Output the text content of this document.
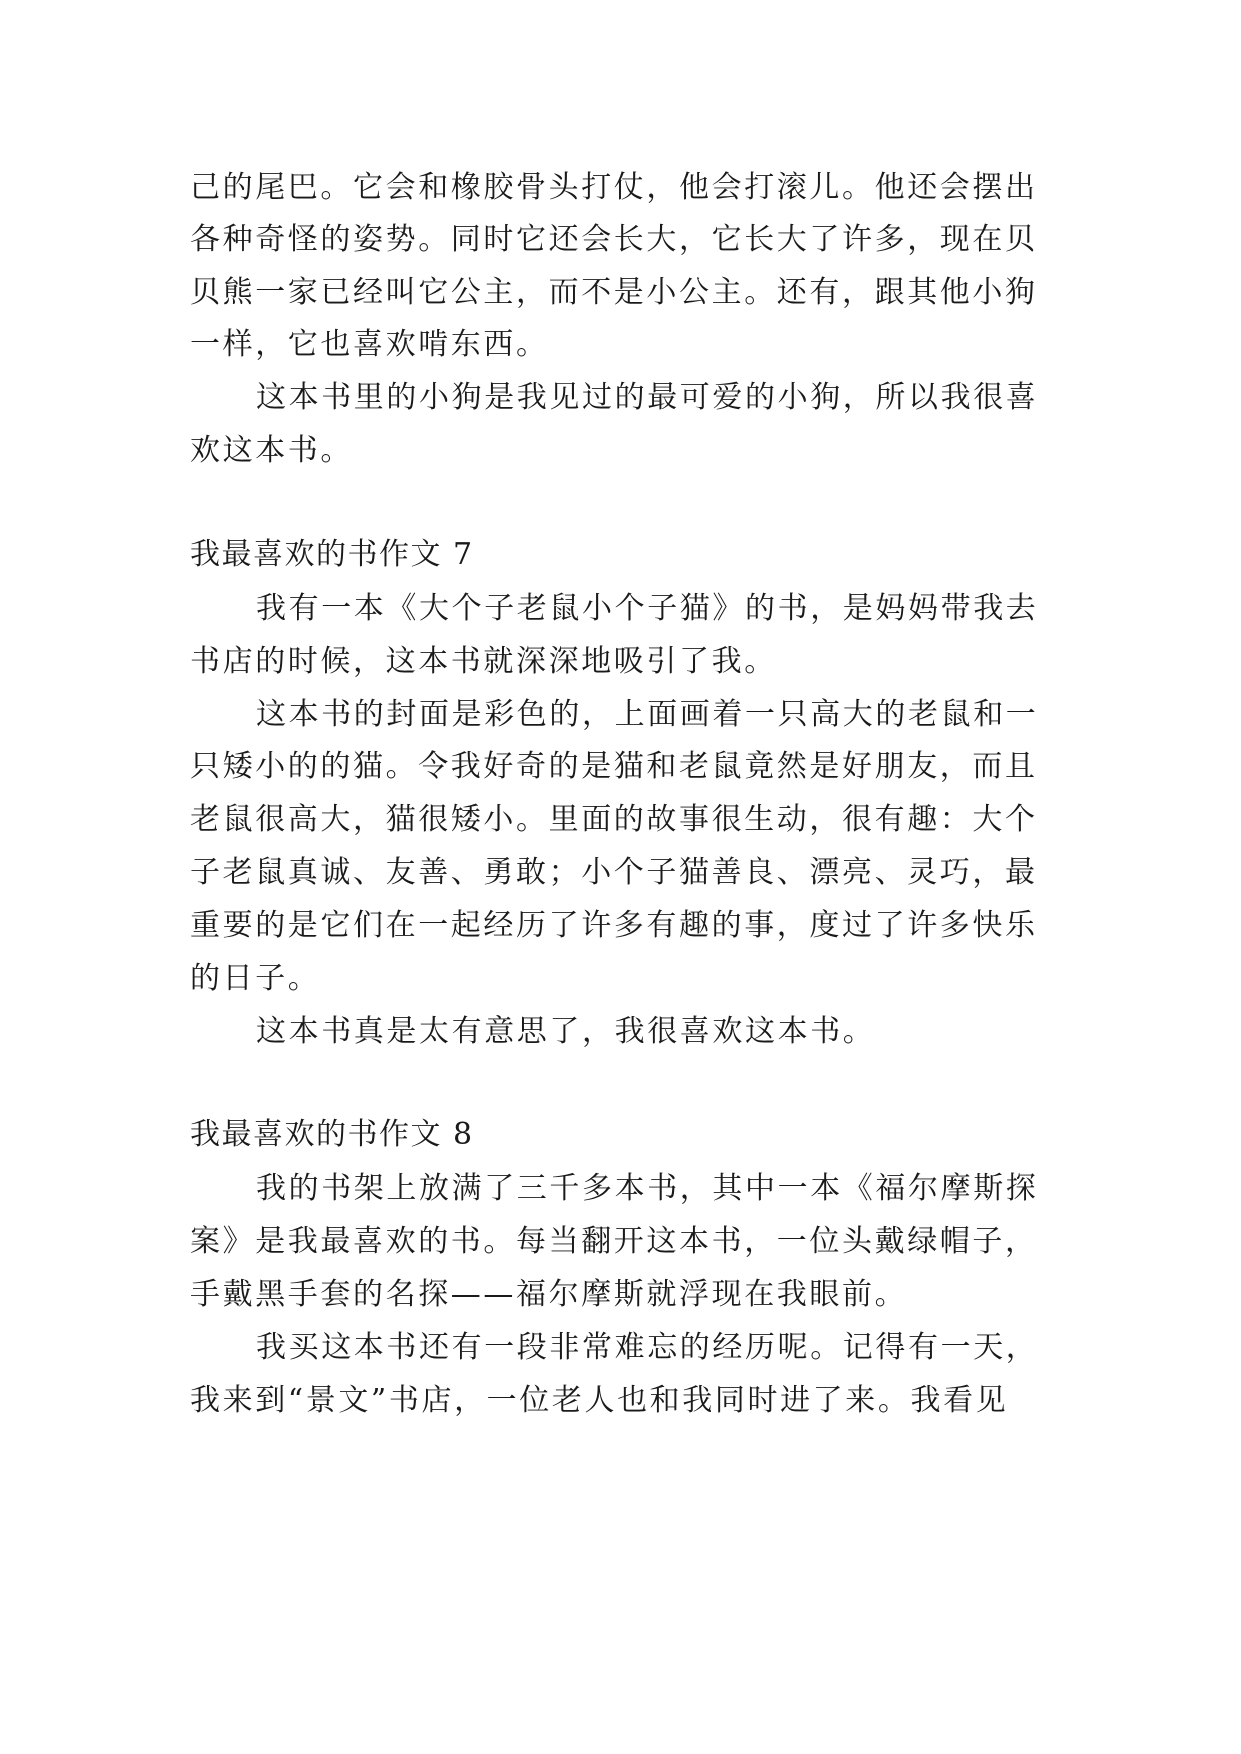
己的尾巴。它会和橡胶骨头打仗，他会打滚儿。他还会摆出
各种奇怪的姿势。同时它还会长大，它长大了许多，现在贝
贝熊一家已经叫它公主，而不是小公主。还有，跟其他小狗
一样，它也喜欢啃东西。
这本书里的小狗是我见过的最可爱的小狗，所以我很喜
欢这本书。
我最喜欢的书作文 7
我有一本《大个子老鼠小个子猫》的书，是妈妈带我去
书店的时候，这本书就深深地吸引了我。
这本书的封面是彩色的，上面画着一只高大的老鼠和一
只矮小的的猫。令我好奇的是猫和老鼠竟然是好朋友，而且
老鼠很高大，猫很矮小。里面的故事很生动，很有趣：大个
子老鼠真诚、友善、勇敢；小个子猫善良、漂亮、灵巧，最
重要的是它们在一起经历了许多有趣的事，度过了许多快乐
的日子。
这本书真是太有意思了，我很喜欢这本书。
我最喜欢的书作文 8
我的书架上放满了三千多本书，其中一本《福尔摩斯探
案》是我最喜欢的书。每当翻开这本书，一位头戴绿帽子，
手戴黑手套的名探——福尔摩斯就浮现在我眼前。
我买这本书还有一段非常难忘的经历呢。记得有一天，
我来到“景文”书店，一位老人也和我同时进了来。我看见
